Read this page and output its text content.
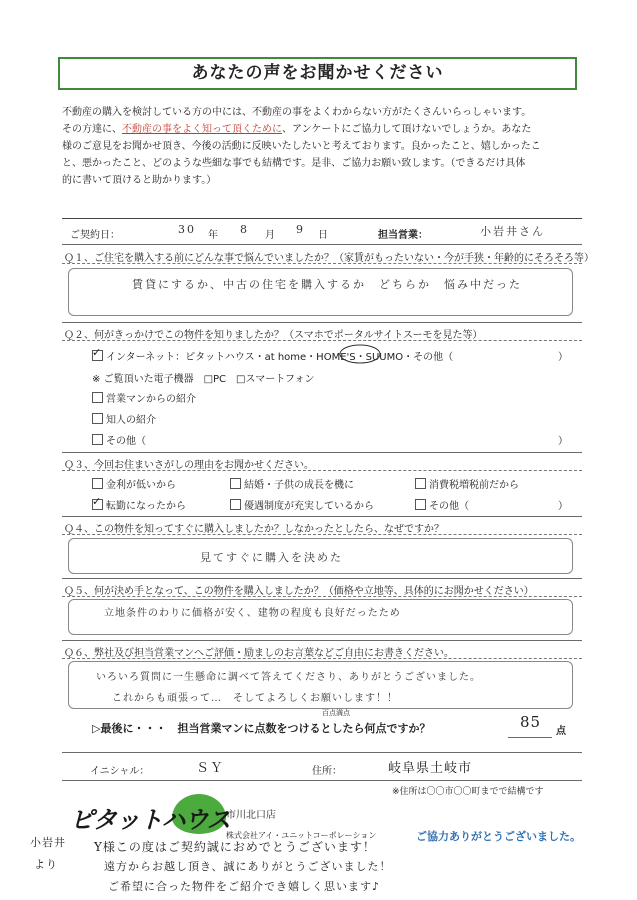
あなたの声をお聞かせください
不動産の購入を検討している方の中には、不動産の事をよくわからない方がたくさんいらっしゃいます。
その方達に、不動産の事をよく知って頂くために、アンケートにご協力して頂けないでしょうか。あなた
様のご意見をお聞かせ頂き、今後の活動に反映いたしたいと考えております。良かったこと、嬉しかったこ
と、悪かったこと、どのような些細な事でも結構です。是非、ご協力お願い致します。（できるだけ具体
的に書いて頂けると助かります。）
ご契約日：	30 年 8 月 9 日	担当営業：	小岩井さん
Ｑ１、ご住宅を購入する前にどんな事で悩んでいましたか？（家賃がもったいない・今が手狭・年齢的にそろそろ等）
賃貸にするか、中古の住宅を購入するか　どちらか　悩み中だった
Ｑ２、何がきっかけでこの物件を知りましたか？（スマホでポータルサイトスーモを見た等）
✓インターネット：ピタットハウス・at home・HOME'S・SUUMO・その他（	）
※ ご覧頂いた電子機器　□PC　□スマートフォン
営業マンからの紹介
知人の紹介
その他（	）
Ｑ３、今回お住まいさがしの理由をお聞かせください。
金利が低いから	結婚・子供の成長を機に	消費税増税前だから
✓転勤になったから	優遇制度が充実しているから	その他（	）
Ｑ４、この物件を知ってすぐに購入しましたか？しなかったとしたら、なぜですか？
見てすぐに購入を決めた
Ｑ５、何が決め手となって、この物件を購入しましたか？（価格や立地等、具体的にお聞かせください）
立地条件のわりに価格が安く、建物の程度も良好だったため
Ｑ６、弊社及び担当営業マンへご評価・励ましのお言葉などご自由にお書きください。
いろいろ質問に一生懸命に調べて答えてくださり、ありがとうございました。
これからも頑張って…　そしてよろしくお願いします！！
百点満点
▷最後に・・・　担当営業マンに点数をつけるとしたら何点ですか？	85
点
イニシャル：	ＳＹ	住所：	岐阜県土岐市
※住所は〇〇市〇〇町までで結構です
ピタットハウス
市川北口店
株式会社アイ・ユニットコーポレーション	ご協力ありがとうございました。
小岩井
より
Y様この度はご契約誠におめでとうございます！
遠方からお越し頂き、誠にありがとうございました！
ご希望に合った物件をご紹介でき嬉しく思います♪
